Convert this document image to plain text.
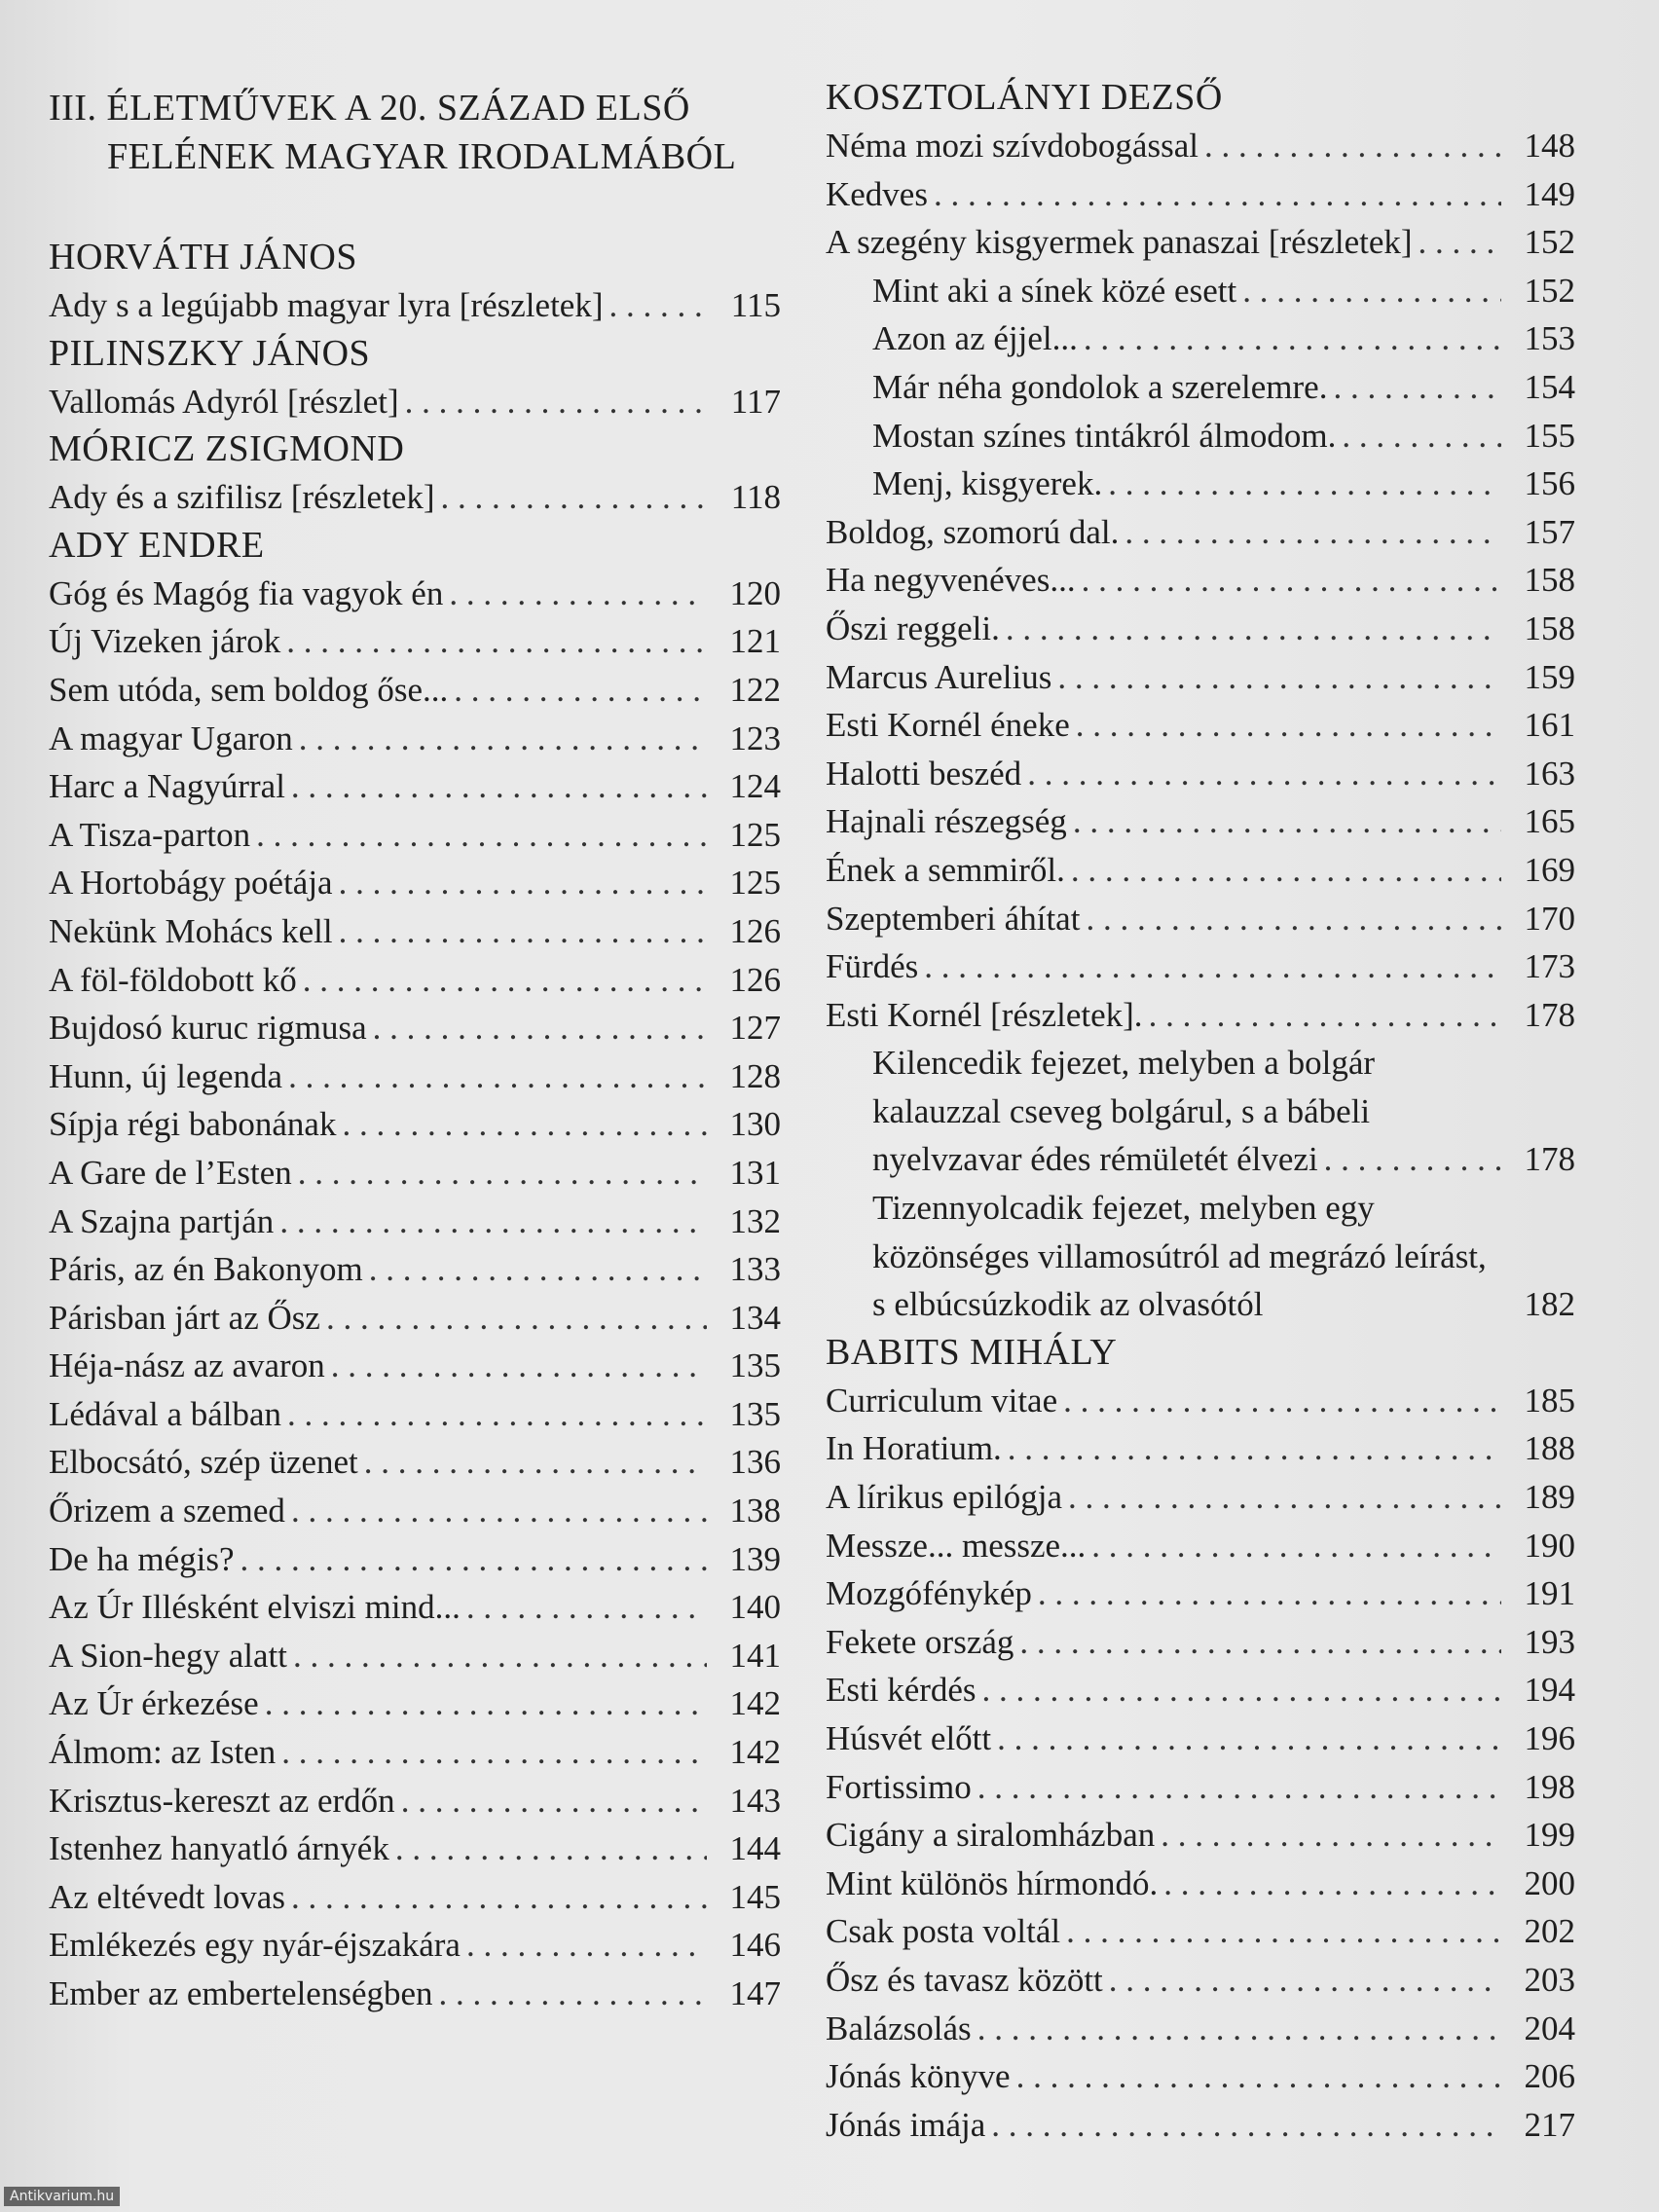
III. ÉLETMŰVEK A 20. SZÁZAD ELSŐ
FELÉNEK MAGYAR IRODALMÁBÓL
HORVÁTH JÁNOS
Ady s a legújabb magyar lyra [részletek] . . .	115
PILINSZKY JÁNOS
Vallomás Adyról [részlet] . . .	117
MÓRICZ ZSIGMOND
Ady és a szifilisz [részletek] . . .	118
ADY ENDRE
Góg és Magóg fia vagyok én . . .	120
Új Vizeken járok . . .	121
Sem utóda, sem boldog őse... . . .	122
A magyar Ugaron . . .	123
Harc a Nagyúrral . . .	124
A Tisza-parton . . .	125
A Hortobágy poétája . . .	125
Nekünk Mohács kell . . .	126
A föl-földobott kő . . .	126
Bujdosó kuruc rigmusa . . .	127
Hunn, új legenda . . .	128
Sípja régi babonának . . .	130
A Gare de l’Esten . . .	131
A Szajna partján . . .	132
Páris, az én Bakonyom . . .	133
Párisban járt az Ősz . . .	134
Héja-nász az avaron . . .	135
Lédával a bálban . . .	135
Elbocsátó, szép üzenet . . .	136
Őrizem a szemed . . .	138
De ha mégis? . . .	139
Az Úr Illésként elviszi mind... . . .	140
A Sion-hegy alatt . . .	141
Az Úr érkezése . . .	142
Álmom: az Isten . . .	142
Krisztus-kereszt az erdőn . . .	143
Istenhez hanyatló árnyék . . .	144
Az eltévedt lovas . . .	145
Emlékezés egy nyár-éjszakára . . .	146
Ember az embertelenségben . . .	147
KOSZTOLÁNYI DEZSŐ
Néma mozi szívdobogással . . .	148
Kedves . . .	149
A szegény kisgyermek panaszai [részletek] . . .	152
Mint aki a sínek közé esett . . .	152
Azon az éjjel... . . .	153
Már néha gondolok a szerelemre. . . .	154
Mostan színes tintákról álmodom. . . .	155
Menj, kisgyerek. . . .	156
Boldog, szomorú dal. . . .	157
Ha negyvenéves... . . .	158
Őszi reggeli. . . .	158
Marcus Aurelius . . .	159
Esti Kornél éneke . . .	161
Halotti beszéd . . .	163
Hajnali részegség . . .	165
Ének a semmiről. . . .	169
Szeptemberi áhítat . . .	170
Fürdés . . .	173
Esti Kornél [részletek]. . . .	178
Kilencedik fejezet, melyben a bolgár
kalauzzal cseveg bolgárul, s a bábeli
nyelvzavar édes rémületét élvezi . . .	178
Tizennyolcadik fejezet, melyben egy
közönséges villamosútról ad megrázó leírást,
s elbúcsúzkodik az olvasótól	182
BABITS MIHÁLY
Curriculum vitae . . .	185
In Horatium. . . .	188
A lírikus epilógja . . .	189
Messze... messze... . . .	190
Mozgófénykép . . .	191
Fekete ország . . .	193
Esti kérdés . . .	194
Húsvét előtt . . .	196
Fortissimo . . .	198
Cigány a siralomházban . . .	199
Mint különös hírmondó. . . .	200
Csak posta voltál . . .	202
Ősz és tavasz között . . .	203
Balázsolás . . .	204
Jónás könyve . . .	206
Jónás imája . . .	217
Antikvarium.hu
